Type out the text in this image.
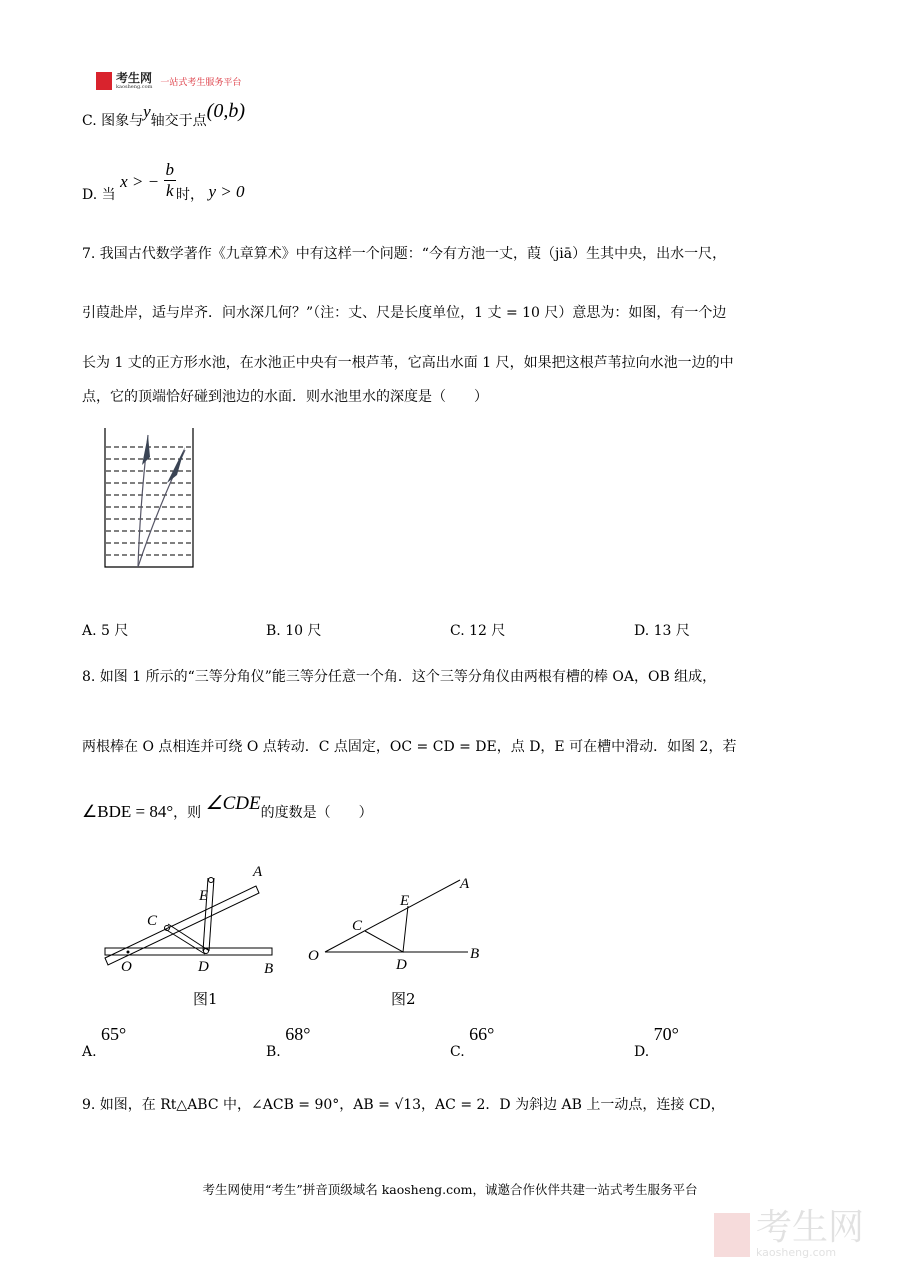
考生网
kaosheng.com 一站式考生服务平台
C. 图象与y轴交于点(0,b)
D. 当 x > − $\frac{b}{k}$ 时， y > 0
7. 我国古代数学著作《九章算术》中有这样一个问题：“今有方池一丈，葭（jiā）生其中央，出水一尺，
引葭赴岸，适与岸齐．问水深几何？”（注：丈、尺是长度单位，1 丈 = 10 尺）意思为：如图，有一个边
长为 1 丈的正方形水池，在水池正中央有一根芦苇，它高出水面 1 尺，如果把这根芦苇拉向水池一边的中
点，它的顶端恰好碰到池边的水面．则水池里水的深度是（　　）
A. 5 尺	B. 10 尺	C. 12 尺	D. 13 尺
8. 如图 1 所示的“三等分角仪”能三等分任意一个角．这个三等分角仪由两根有槽的棒 OA，OB 组成，
两根棒在 O 点相连并可绕 O 点转动．C 点固定，OC = CD = DE，点 D，E 可在槽中滑动．如图 2，若
∠BDE = 84°，则 ∠CDE的度数是（　　）
A
E
C
O	D	B
图1
A
E
C
O
D
B
图2
A. 65°
B. 68°
C. 66°
D. 70°
9. 如图，在 Rt△ABC 中，∠ACB = 90°，AB = √13，AC = 2．D 为斜边 AB 上一动点，连接 CD，
考生网使用“考生”拼音顶级域名 kaosheng.com，诚邀合作伙伴共建一站式考生服务平台
考生网
kaosheng.com
